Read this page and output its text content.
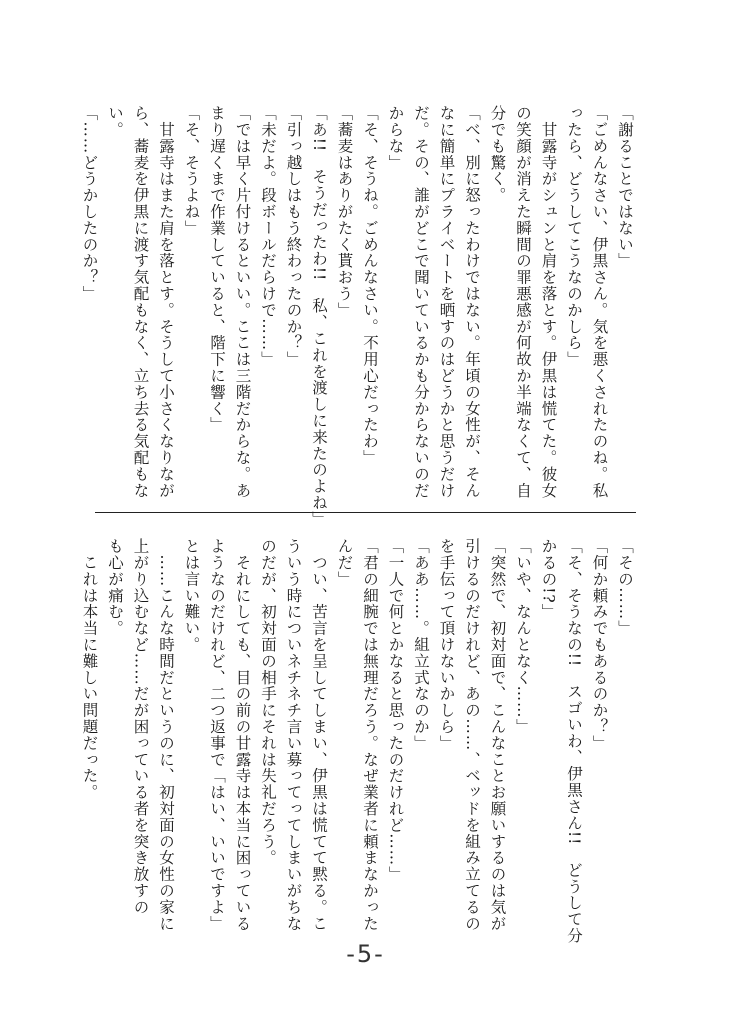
「謝ることではない」
「ごめんなさい、伊黒さん。気を悪くされたのね。私
ったら、どうしてこうなのかしら」
　甘露寺がシュンと肩を落とす。伊黒は慌てた。彼女
の笑顔が消えた瞬間の罪悪感が何故か半端なくて、自
分でも驚く。
「べ、別に怒ったわけではない。年頃の女性が、そん
なに簡単にプライベートを晒すのはどうかと思うだけ
だ。その、誰がどこで聞いているかも分からないのだ
からな」
「そ、そうね。ごめんなさい。不用心だったわ」
「蕎麦はありがたく貰おう」
「あ!!　そうだったわ!!　私、これを渡しに来たのよね」
「引っ越しはもう終わったのか？」
「未だよ。段ボールだらけで……」
「では早く片付けるといい。ここは三階だからな。あ
まり遅くまで作業していると、階下に響く」
「そ、そうよね」
　甘露寺はまた肩を落とす。そうして小さくなりなが
ら、蕎麦を伊黒に渡す気配もなく、立ち去る気配もな
い。
「……どうかしたのか？」
「その……」
「何か頼みでもあるのか？」
「そ、そうなの!!　スゴいわ、伊黒さん!!　どうして分
かるの!?」
「いや、なんとなく……」
「突然で、初対面で、こんなことお願いするのは気が
引けるのだけれど、あの……、ベッドを組み立てるの
を手伝って頂けないかしら」
「ああ……。組立式なのか」
「一人で何とかなると思ったのだけれど……」
「君の細腕では無理だろう。なぜ業者に頼まなかった
んだ」
　つい、苦言を呈してしまい、伊黒は慌てて黙る。こ
ういう時についネチネチ言い募ってってしまいがちな
のだが、初対面の相手にそれは失礼だろう。
　それにしても、目の前の甘露寺は本当に困っている
ようなのだけれど、二つ返事で「はい、いいですよ」
とは言い難い。
　……こんな時間だというのに、初対面の女性の家に
上がり込むなど……だが困っている者を突き放すの
も心が痛む。
　これは本当に難しい問題だった。
-5-
